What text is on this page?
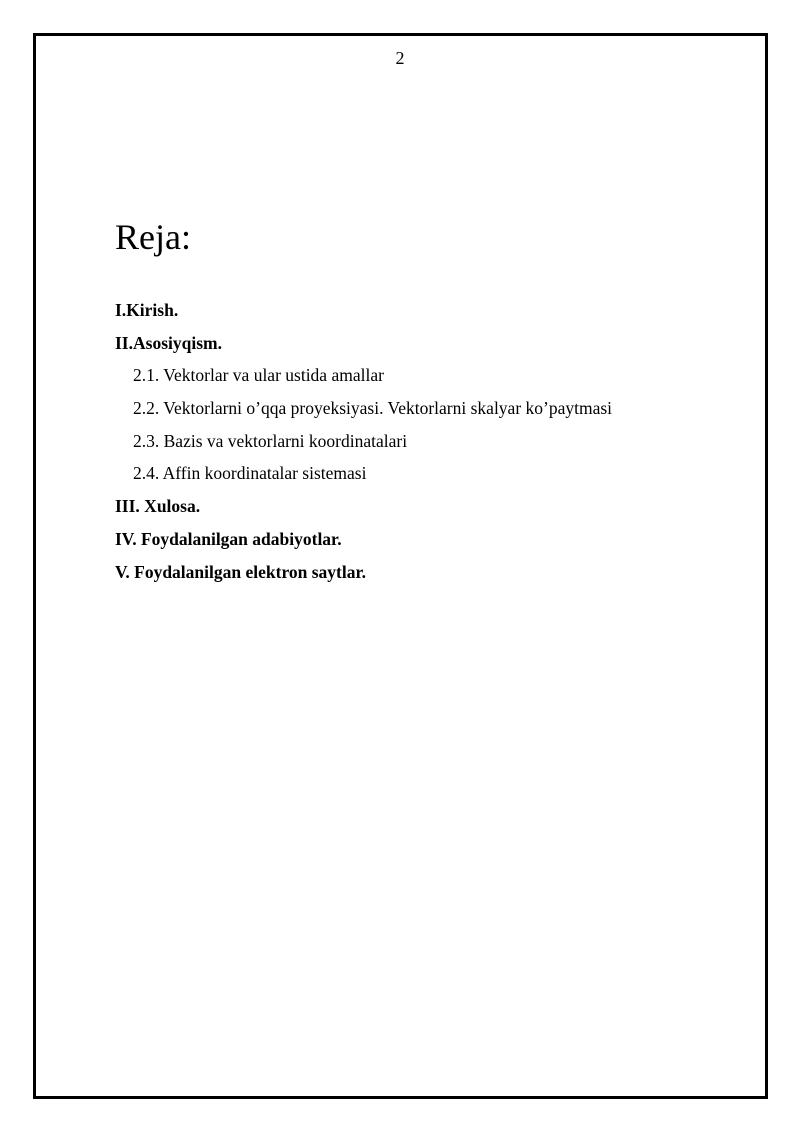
2
Reja:
I.Kirish.
II.Asosiyqism.
2.1. Vektorlar va ular ustida amallar
2.2. Vektorlarni o’qqa proyeksiyasi. Vektorlarni skalyar ko’paytmasi
2.3. Bazis va vektorlarni koordinatalari
2.4. Affin koordinatalar sistemasi
III. Xulosa.
IV. Foydalanilgan adabiyotlar.
V. Foydalanilgan elektron saytlar.
